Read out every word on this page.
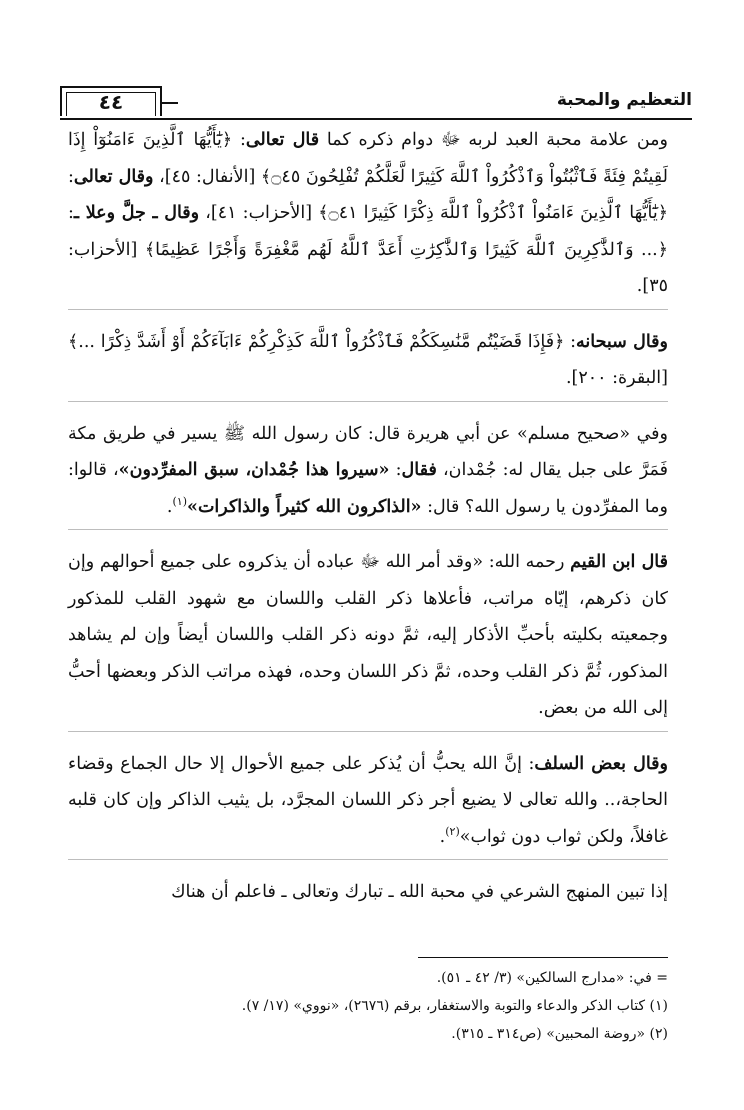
٤٤	التعظيم والمحبة

ومن علامة محبة العبد لربه ﷻ دوام ذكره كما قال تعالى: ﴿يَٰٓأَيُّهَا ٱلَّذِينَ ءَامَنُوٓاْ إِذَا لَقِيتُمْ فِئَةً فَٱثْبُتُواْ وَٱذْكُرُواْ ٱللَّهَ كَثِيرًا لَّعَلَّكُمْ تُفْلِحُونَ ۝٤٥﴾ [الأنفال: ٤٥]، وقال تعالى: ﴿يَٰٓأَيُّهَا ٱلَّذِينَ ءَامَنُواْ ٱذْكُرُواْ ٱللَّهَ ذِكْرًا كَثِيرًا ۝٤١﴾ [الأحزاب: ٤١]، وقال ـ جلَّ وعلا ـ: ﴿... وَٱلذَّٰكِرِينَ ٱللَّهَ كَثِيرًا وَٱلذَّٰكِرَٰتِ أَعَدَّ ٱللَّهُ لَهُم مَّغْفِرَةً وَأَجْرًا عَظِيمًا﴾ [الأحزاب: ٣٥].

وقال سبحانه: ﴿فَإِذَا قَضَيْتُم مَّنَٰسِكَكُمْ فَٱذْكُرُواْ ٱللَّهَ كَذِكْرِكُمْ ءَابَآءَكُمْ أَوْ أَشَدَّ ذِكْرًا ...﴾ [البقرة: ٢٠٠].

وفي «صحيح مسلم» عن أبي هريرة قال: كان رسول الله ﷺ يسير في طريق مكة فَمَرَّ على جبل يقال له: جُمْدان، فقال: «سيروا هذا جُمْدان، سبق المفرِّدون»، قالوا: وما المفرِّدون يا رسول الله؟ قال: «الذاكرون الله كثيراً والذاكرات»$^{(١)}$.

قال ابن القيم رحمه الله: «وقد أمر الله ﷻ عباده أن يذكروه على جميع أحوالهم وإن كان ذكرهم، إيّاه مراتب، فأعلاها ذكر القلب واللسان مع شهود القلب للمذكور وجمعيته بكليته بأحبِّ الأذكار إليه، ثمَّ دونه ذكر القلب واللسان أيضاً وإن لم يشاهد المذكور، ثُمَّ ذكر القلب وحده، ثمَّ ذكر اللسان وحده، فهذه مراتب الذكر وبعضها أحبُّ إلى الله من بعض.

وقال بعض السلف: إنَّ الله يحبُّ أن يُذكر على جميع الأحوال إلا حال الجماع وقضاء الحاجة،.. والله تعالى لا يضيع أجر ذكر اللسان المجرَّد، بل يثيب الذاكر وإن كان قلبه غافلاً، ولكن ثواب دون ثواب»$^{(٢)}$.

إذا تبين المنهج الشرعي في محبة الله ـ تبارك وتعالى ـ فاعلم أن هناك

= في: «مدارج السالكين» (٣/ ٤٢ ـ ٥١).

(١) كتاب الذكر والدعاء والتوبة والاستغفار، برقم (٢٦٧٦)، «نووي» (١٧/ ٧).

(٢) «روضة المحبين» (ص٣١٤ ـ ٣١٥).
